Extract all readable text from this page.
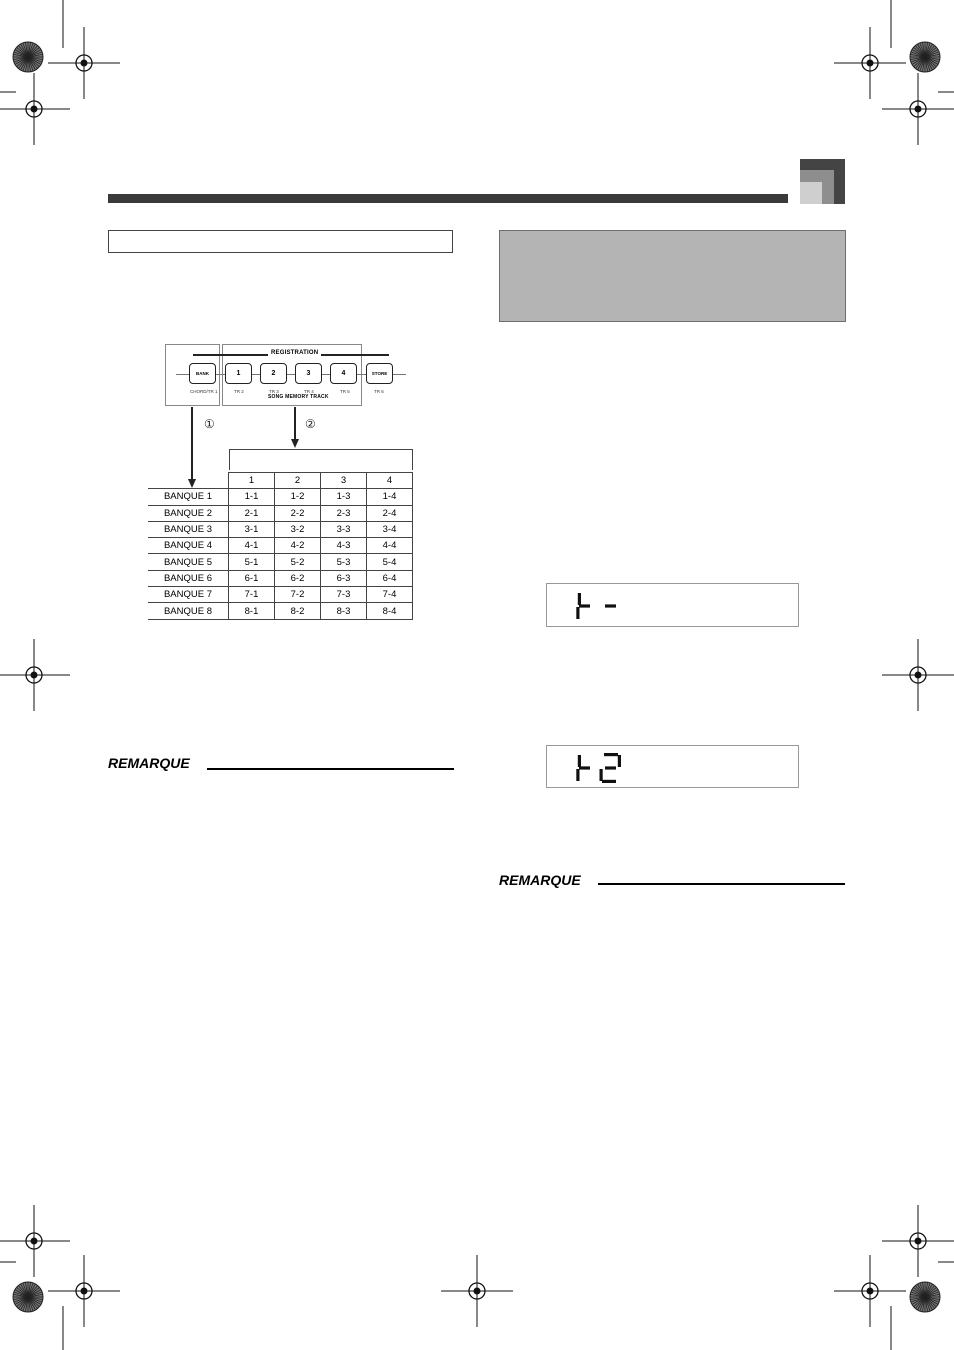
REGISTRATION
BANK	1	2	3	4	STORE
CHORD/TR 1	TR 2	TR 3	TR 4	TR 5	TR 6
SONG MEMORY TRACK
①	②
	1	2	3	4
BANQUE 1	1-1	1-2	1-3	1-4
BANQUE 2	2-1	2-2	2-3	2-4
BANQUE 3	3-1	3-2	3-3	3-4
BANQUE 4	4-1	4-2	4-3	4-4
BANQUE 5	5-1	5-2	5-3	5-4
BANQUE 6	6-1	6-2	6-3	6-4
BANQUE 7	7-1	7-2	7-3	7-4
BANQUE 8	8-1	8-2	8-3	8-4
REMARQUE
REMARQUE
